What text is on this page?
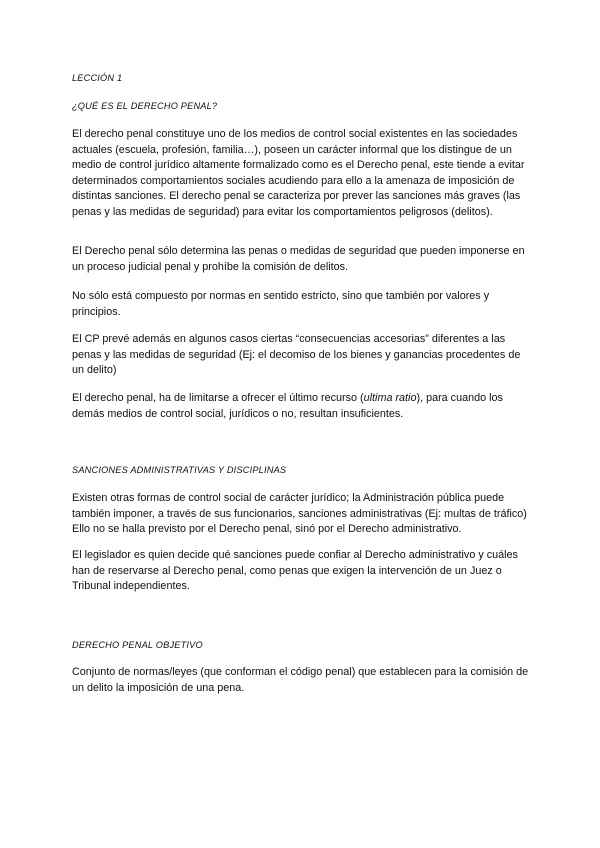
LECCIÓN 1

¿QUÉ ES EL DERECHO PENAL?

El derecho penal constituye uno de los medios de control social existentes en las sociedades actuales (escuela, profesión, familia…), poseen un carácter informal que los distingue de un medio de control jurídico altamente formalizado como es el Derecho penal, este tiende a evitar determinados comportamientos sociales acudiendo para ello a la amenaza de imposición de distintas sanciones. El derecho penal se caracteriza por prever las sanciones más graves (las penas y las medidas de seguridad) para evitar los comportamientos peligrosos (delitos).

El Derecho penal sólo determina las penas o medidas de seguridad que pueden imponerse en un proceso judicial penal y prohíbe la comisión de delitos.

No sólo está compuesto por normas en sentido estricto, sino que también por valores y principios.

El CP prevé además en algunos casos ciertas “consecuencias accesorias” diferentes a las penas y las medidas de seguridad (Ej: el decomiso de los bienes y ganancias procedentes de un delito)

El derecho penal, ha de limitarse a ofrecer el último recurso (ultima ratio), para cuando los demás medios de control social, jurídicos o no, resultan insuficientes.

SANCIONES ADMINISTRATIVAS Y DISCIPLINAS

Existen otras formas de control social de carácter jurídico; la Administración pública puede también imponer, a través de sus funcionarios, sanciones administrativas (Ej: multas de tráfico) Ello no se halla previsto por el Derecho penal, sinó por el Derecho administrativo.

El legislador es quien decide qué sanciones puede confiar al Derecho administrativo y cuáles han de reservarse al Derecho penal, como penas que exigen la intervención de un Juez o Tribunal independientes.

DERECHO PENAL OBJETIVO

Conjunto de normas/leyes (que conforman el código penal) que establecen para la comisión de un delito la imposición de una pena.
